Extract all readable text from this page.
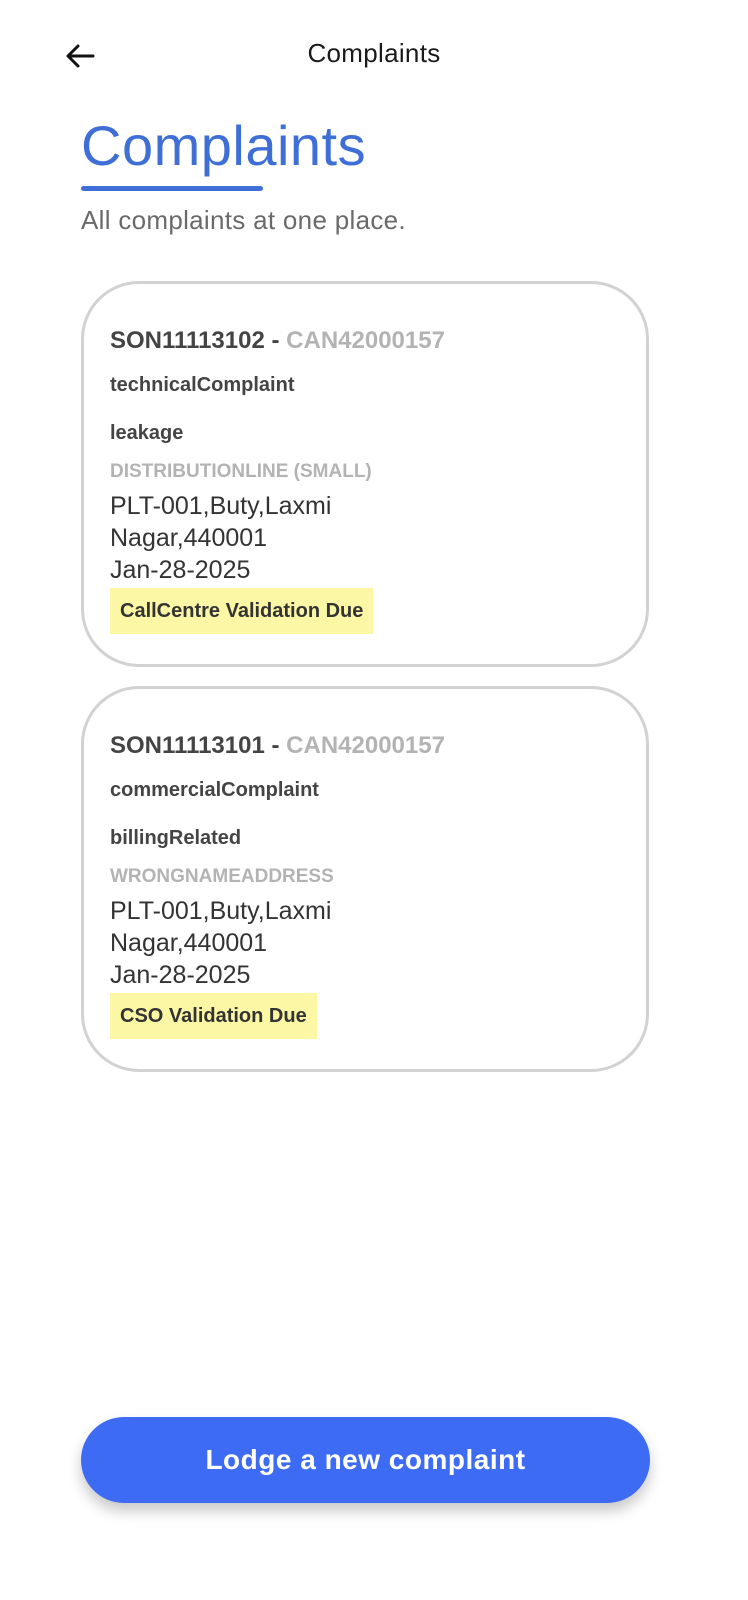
Complaints
Complaints
All complaints at one place.
SON11113102 - CAN42000157
technicalComplaint
leakage
DISTRIBUTIONLINE (SMALL)
PLT-001,Buty,Laxmi Nagar,440001
Jan-28-2025
CallCentre Validation Due
SON11113101 - CAN42000157
commercialComplaint
billingRelated
WRONGNAMEADDRESS
PLT-001,Buty,Laxmi Nagar,440001
Jan-28-2025
CSO Validation Due
Lodge a new complaint
